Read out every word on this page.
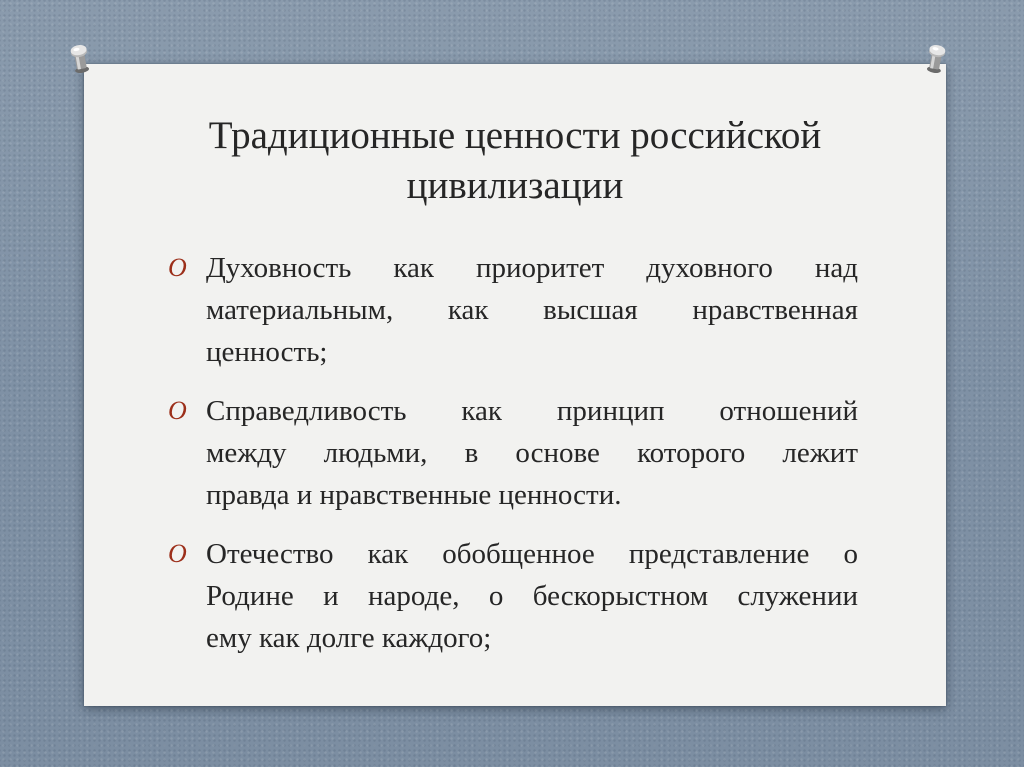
Традиционные ценности российской
цивилизации
O Духовность как приоритет духовного над
материальным, как высшая нравственная
ценность;
O Справедливость как принцип отношений
между людьми, в основе которого лежит
правда и нравственные ценности.
O Отечество как обобщенное представление о
Родине и народе, о бескорыстном служении
ему как долге каждого;
